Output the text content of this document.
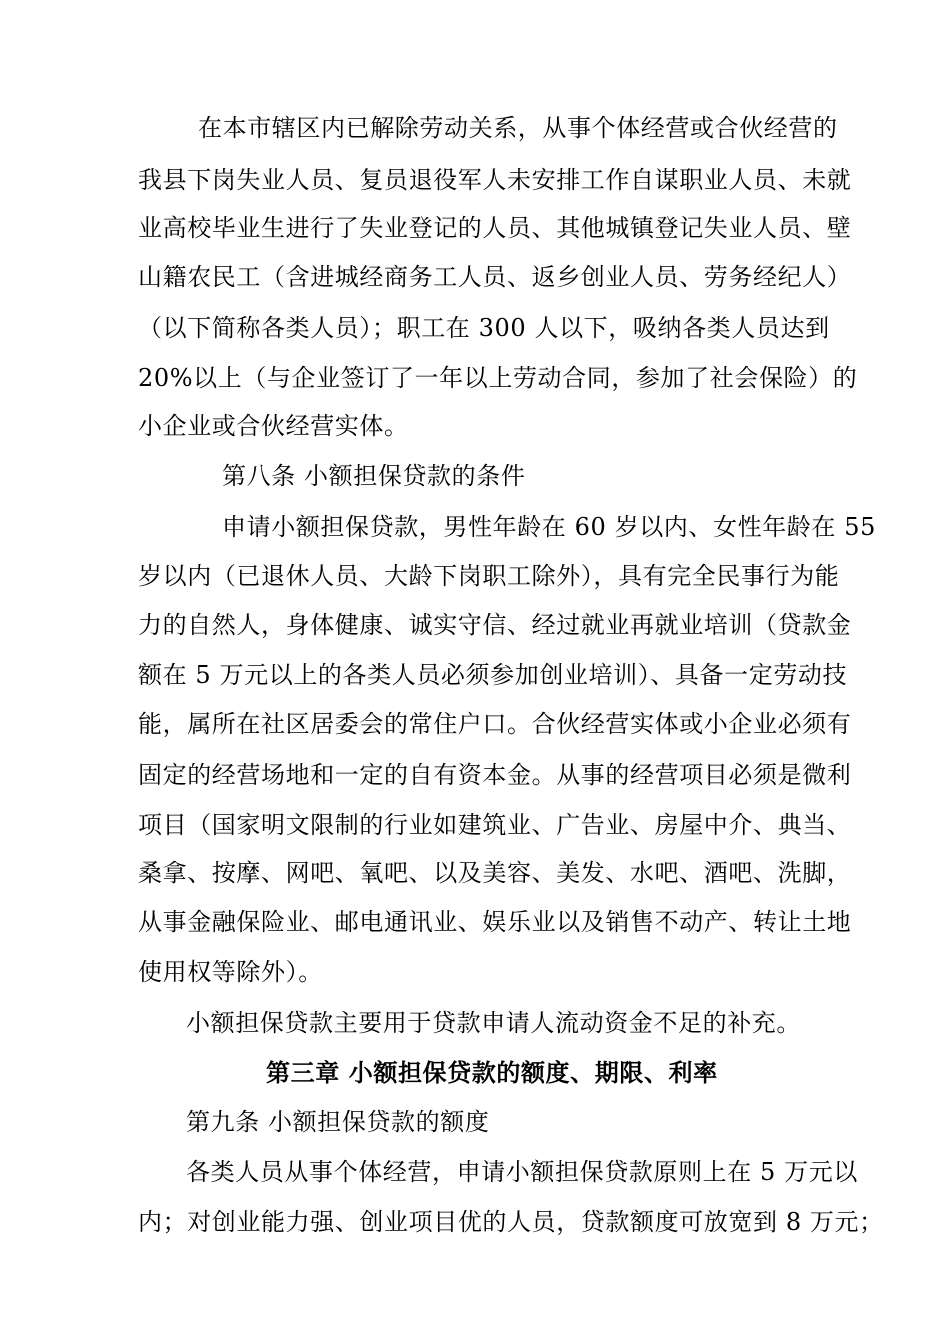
在本市辖区内已解除劳动关系，从事个体经营或合伙经营的
我县下岗失业人员、复员退役军人未安排工作自谋职业人员、未就
业高校毕业生进行了失业登记的人员、其他城镇登记失业人员、壁
山籍农民工（含进城经商务工人员、返乡创业人员、劳务经纪人）
（以下简称各类人员）；职工在 300 人以下，吸纳各类人员达到
20%以上（与企业签订了一年以上劳动合同，参加了社会保险）的
小企业或合伙经营实体。
第八条 小额担保贷款的条件
申请小额担保贷款，男性年龄在 60 岁以内、女性年龄在 55
岁以内（已退休人员、大龄下岗职工除外），具有完全民事行为能
力的自然人，身体健康、诚实守信、经过就业再就业培训（贷款金
额在 5 万元以上的各类人员必须参加创业培训）、具备一定劳动技
能，属所在社区居委会的常住户口。合伙经营实体或小企业必须有
固定的经营场地和一定的自有资本金。从事的经营项目必须是微利
项目（国家明文限制的行业如建筑业、广告业、房屋中介、典当、
桑拿、按摩、网吧、氧吧、以及美容、美发、水吧、酒吧、洗脚，
从事金融保险业、邮电通讯业、娱乐业以及销售不动产、转让土地
使用权等除外）。
小额担保贷款主要用于贷款申请人流动资金不足的补充。
第三章 小额担保贷款的额度、期限、利率
第九条 小额担保贷款的额度
各类人员从事个体经营，申请小额担保贷款原则上在 5 万元以
内；对创业能力强、创业项目优的人员，贷款额度可放宽到 8 万元；
